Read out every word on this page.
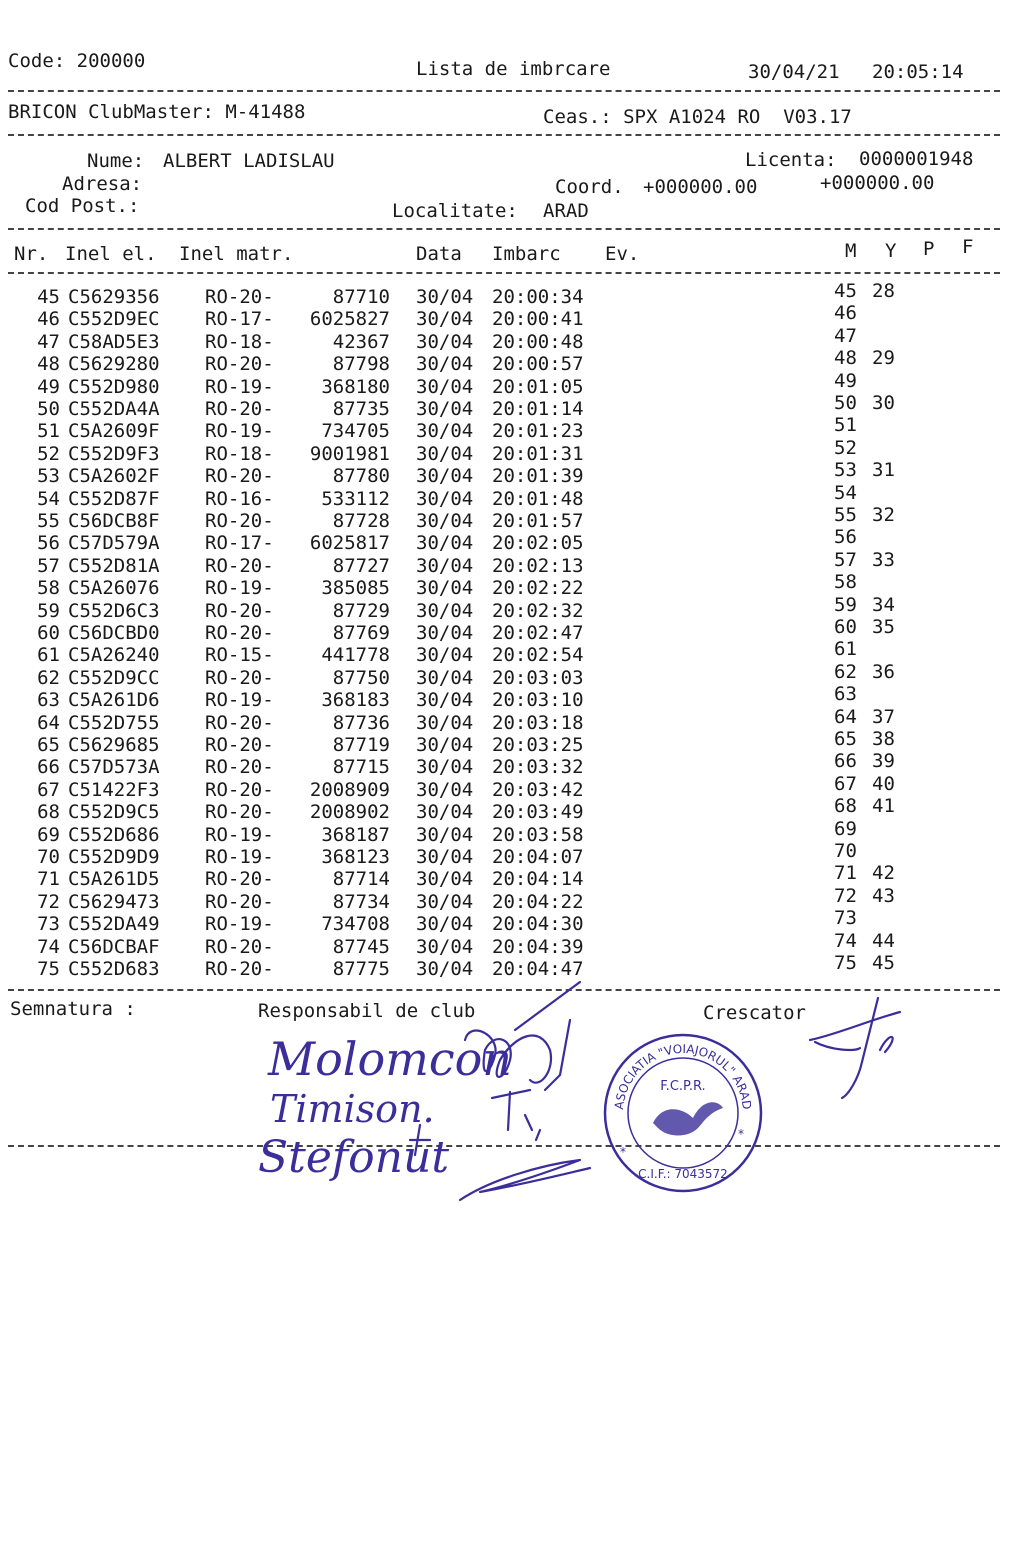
Code: 200000	Lista de imbrcare	30/04/21 20:05:14
BRICON ClubMaster: M-41488	Ceas.: SPX A1024 RO  V03.17
Nume: ALBERT LADISLAU	Licenta: 0000001948
Adresa:	Coord. +000000.00	+000000.00
Cod Post.:	Localitate: ARAD
Nr. Inel el. Inel matr.	Data Imbarc Ev.	M Y P F
45 C5629356 RO-20-	87710 30/04 20:00:34	45 28
46 C552D9EC RO-17-	6025827 30/04 20:00:41	46
47 C58AD5E3 RO-18-	42367 30/04 20:00:48	47
48 C5629280 RO-20-	87798 30/04 20:00:57	48 29
49 C552D980 RO-19-	368180 30/04 20:01:05	49
50 C552DA4A RO-20-	87735 30/04 20:01:14	50 30
51 C5A2609F RO-19-	734705 30/04 20:01:23	51
52 C552D9F3 RO-18-	9001981 30/04 20:01:31	52
53 C5A2602F RO-20-	87780 30/04 20:01:39	53 31
54 C552D87F RO-16-	533112 30/04 20:01:48	54
55 C56DCB8F RO-20-	87728 30/04 20:01:57	55 32
56 C57D579A RO-17-	6025817 30/04 20:02:05	56
57 C552D81A RO-20-	87727 30/04 20:02:13	57 33
58 C5A26076 RO-19-	385085 30/04 20:02:22	58
59 C552D6C3 RO-20-	87729 30/04 20:02:32	59 34
60 C56DCBD0 RO-20-	87769 30/04 20:02:47	60 35
61 C5A26240 RO-15-	441778 30/04 20:02:54	61
62 C552D9CC RO-20-	87750 30/04 20:03:03	62 36
63 C5A261D6 RO-19-	368183 30/04 20:03:10	63
64 C552D755 RO-20-	87736 30/04 20:03:18	64 37
65 C5629685 RO-20-	87719 30/04 20:03:25	65 38
66 C57D573A RO-20-	87715 30/04 20:03:32	66 39
67 C51422F3 RO-20-	2008909 30/04 20:03:42	67 40
68 C552D9C5 RO-20-	2008902 30/04 20:03:49	68 41
69 C552D686 RO-19-	368187 30/04 20:03:58	69
70 C552D9D9 RO-19-	368123 30/04 20:04:07	70
71 C5A261D5 RO-20-	87714 30/04 20:04:14	71 42
72 C5629473 RO-20-	87734 30/04 20:04:22	72 43
73 C552DA49 RO-19-	734708 30/04 20:04:30	73
74 C56DCBAF RO-20-	87745 30/04 20:04:39	74 44
75 C552D683 RO-20-	87775 30/04 20:04:47	75 45
Semnatura :	Responsabil de club	Crescator
Molomcon
Timison.
Stefonut
ASOCIATIA "VOIAJORUL" ARAD
F.C.P.R.
C.I.F.: 7043572
*
*
